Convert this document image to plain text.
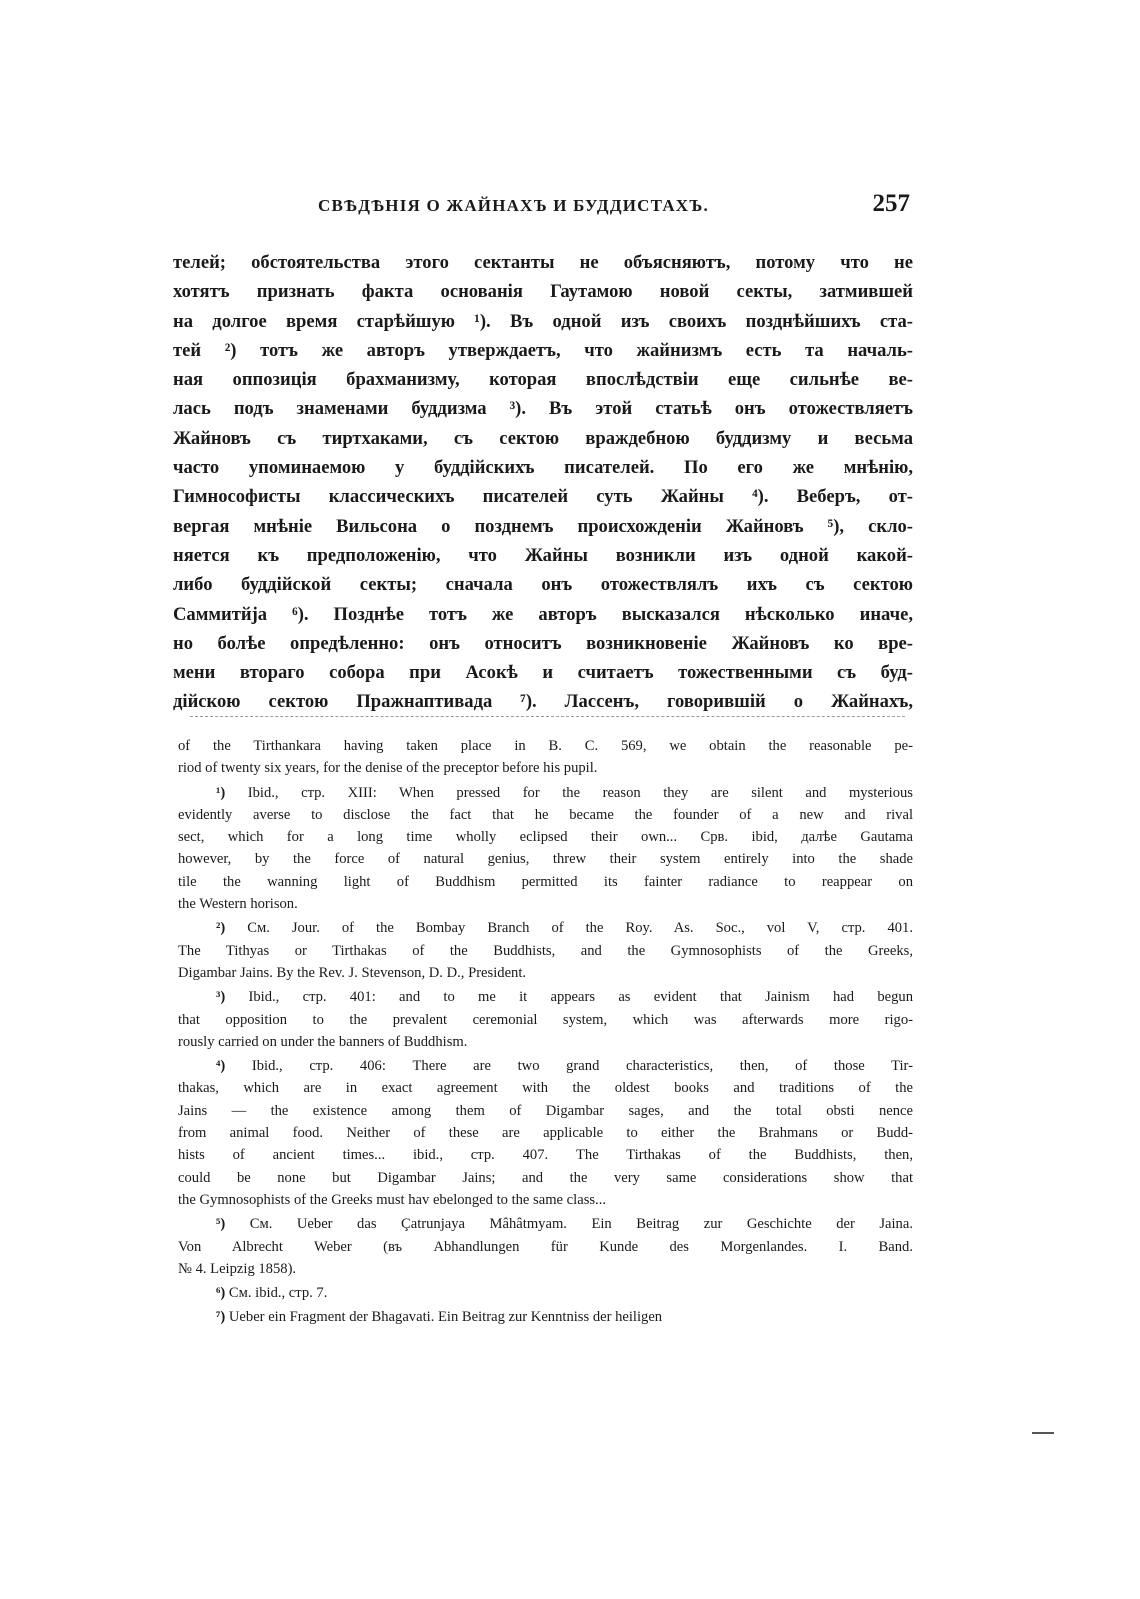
СВѢДѢНІЯ О ЖАЙНАХЪ И БУДДИСТАХЪ.	257
телей; обстоятельства этого сектанты не объясняютъ, потому что не
хотятъ признать факта основанія Гаутамою новой секты, затмившей
на долгое время старѣйшую ¹). Въ одной изъ своихъ позднѣйшихъ ста-
тей ²) тотъ же авторъ утверждаетъ, что жайнизмъ есть та началь-
ная оппозиція брахманизму, которая впослѣдствіи еще сильнѣе ве-
лась подъ знаменами буддизма ³). Въ этой статьѣ онъ отожествляетъ
Жайновъ съ тиртхаками, съ сектою враждебною буддизму и весьма
часто упоминаемою у буддійскихъ писателей. По его же мнѣнію,
Гимнософисты классическихъ писателей суть Жайны ⁴). Веберъ, от-
вергая мнѣніе Вильсона о позднемъ происхожденіи Жайновъ ⁵), скло-
няется къ предположенію, что Жайны возникли изъ одной какой-
либо буддійской секты; сначала онъ отожествлялъ ихъ съ сектою
Саммитйја ⁶). Позднѣе тотъ же авторъ высказался нѣсколько иначе,
но болѣе опредѣленно: онъ относитъ возникновеніе Жайновъ ко вре-
мени втораго собора при Асокѣ и считаетъ тожественными съ буд-
дійскою сектою Пражнаптивада ⁷). Лассенъ, говорившій о Жайнахъ,
of the Tirthankara having taken place in B. C. 569, we obtain the reasonable pe-
riod of twenty six years, for the denise of the preceptor before his pupil.
¹) Ibid., стр. XIII: When pressed for the reason they are silent and mysterious
evidently averse to disclose the fact that he became the founder of a new and rival
sect, which for a long time wholly eclipsed their own... Срв. ibid, далѣе Gautama
however, by the force of natural genius, threw their system entirely into the shade
tile the wanning light of Buddhism permitted its fainter radiance to reappear on
the Western horison.
²) См. Jour. of the Bombay Branch of the Roy. As. Soc., vol V, стр. 401.
The Tithyas or Tirthakas of the Buddhists, and the Gymnosophists of the Greeks,
Digambar Jains. By the Rev. J. Stevenson, D. D., President.
³) Ibid., стр. 401: and to me it appears as evident that Jainism had begun
that opposition to the prevalent ceremonial system, which was afterwards more rigo-
rously carried on under the banners of Buddhism.
⁴) Ibid., стр. 406: There are two grand characteristics, then, of those Tir-
thakas, which are in exact agreement with the oldest books and traditions of the
Jains — the existence among them of Digambar sages, and the total obsti nence
from animal food. Neither of these are applicable to either the Brahmans or Budd-
hists of ancient times... ibid., стр. 407. The Tirthakas of the Buddhists, then,
could be none but Digambar Jains; and the very same considerations show that
the Gymnosophists of the Greeks must hav ebelonged to the same class...
⁵) См. Ueber das Çatrunjaya Mâhâtmyam. Ein Beitrag zur Geschichte der Jaina.
Von Albrecht Weber (въ Abhandlungen für Kunde des Morgenlandes. I. Band.
№ 4. Leipzig 1858).
⁶) См. ibid., стр. 7.
⁷) Ueber ein Fragment der Bhagavati. Ein Beitrag zur Kenntniss der heiligen
